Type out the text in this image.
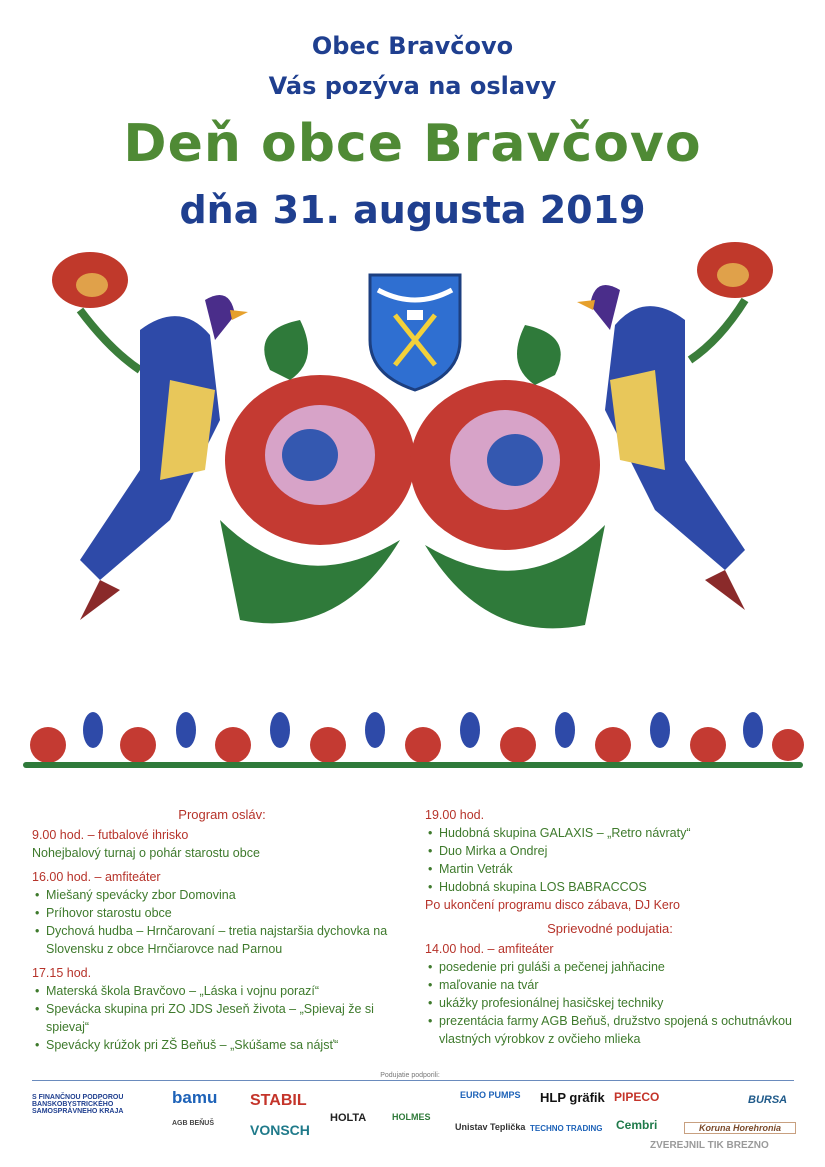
Obec Bravčovo
Vás pozýva na oslavy
Deň obce Bravčovo
dňa 31. augusta 2019
Program osláv:
9.00 hod. – futbalové ihrisko
Nohejbalový turnaj o pohár starostu obce
16.00 hod. – amfiteáter
• Miešaný spevácky zbor Domovina
• Príhovor starostu obce
• Dychová hudba – Hrnčarovaní – tretia najstaršia dychovka na Slovensku z obce Hrnčiarovce nad Parnou
17.15 hod.
• Materská škola Bravčovo – „Láska i vojnu porazí“
• Spevácka skupina pri ZO JDS Jeseň života – „Spievaj že si spievaj“
• Spevácky krúžok pri ZŠ Beňuš – „Skúšame sa nájsť“
19.00 hod.
• Hudobná skupina GALAXIS – „Retro návraty“
• Duo Mirka a Ondrej
• Martin Vetrák
• Hudobná skupina LOS BABRACCOS
Po ukončení programu disco zábava, DJ Kero
Sprievodné podujatia:
14.00 hod. – amfiteáter
• posedenie pri guláši a pečenej jahňacine
• maľovanie na tvár
• ukážky profesionálnej hasičskej techniky
• prezentácia farmy AGB Beňuš, družstvo spojená s ochutnávkou vlastných výrobkov z ovčieho mlieka
Podujatie podporili:
S FINANČNOU PODPOROU BANSKOBYSTRICKÉHO SAMOSPRÁVNEHO KRAJA
bamu
AGB BEŇUŠ
STABIL
VONSCH
HOLTA	HOLMES
EURO PUMPS
Unistav Teplička TECHNO TRADING
HLP gräfik PIPECO
Cembri
BURSA
Koruna Horehronia
ZVEREJNIL TIK BREZNO
